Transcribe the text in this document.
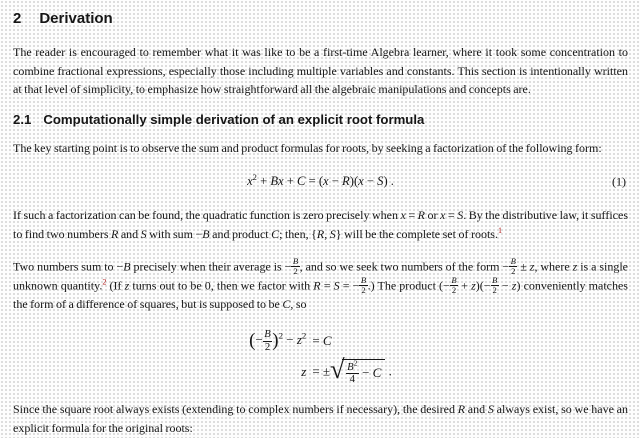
2 Derivation

The reader is encouraged to remember what it was like to be a first-time Algebra learner, where it took some concentration to combine fractional expressions, especially those including multiple variables and constants. This section is intentionally written at that level of simplicity, to emphasize how straightforward all the algebraic manipulations and concepts are.

2.1 Computationally simple derivation of an explicit root formula

The key starting point is to observe the sum and product formulas for roots, by seeking a factorization of the following form:

$x^2 + Bx + C = (x - R)(x - S)$ .	(1)

If such a factorization can be found, the quadratic function is zero precisely when x = R or x = S. By the distributive law, it suffices to find two numbers R and S with sum −B and product C; then, {R, S} will be the complete set of roots.$^1$

Two numbers sum to −B precisely when their average is − $\frac{B}{2}$ , and so we seek two numbers of the form − $\frac{B}{2} \pm z$, where z is a single unknown quantity.$^2$ (If z turns out to be 0, then we factor with R = S = − $\frac{B}{2}$ .) The product (− $\frac{B}{2} + z)(- \frac{B}{2} - z)$ conveniently matches the form of a difference of squares, but is supposed to be C, so

(− $\frac{B}{2} )^2 - z^2$	= C
z	= ± √ $\frac{B^2}{4} - C$ .

Since the square root always exists (extending to complex numbers if necessary), the desired R and S always exist, so we have an explicit formula for the original roots:
